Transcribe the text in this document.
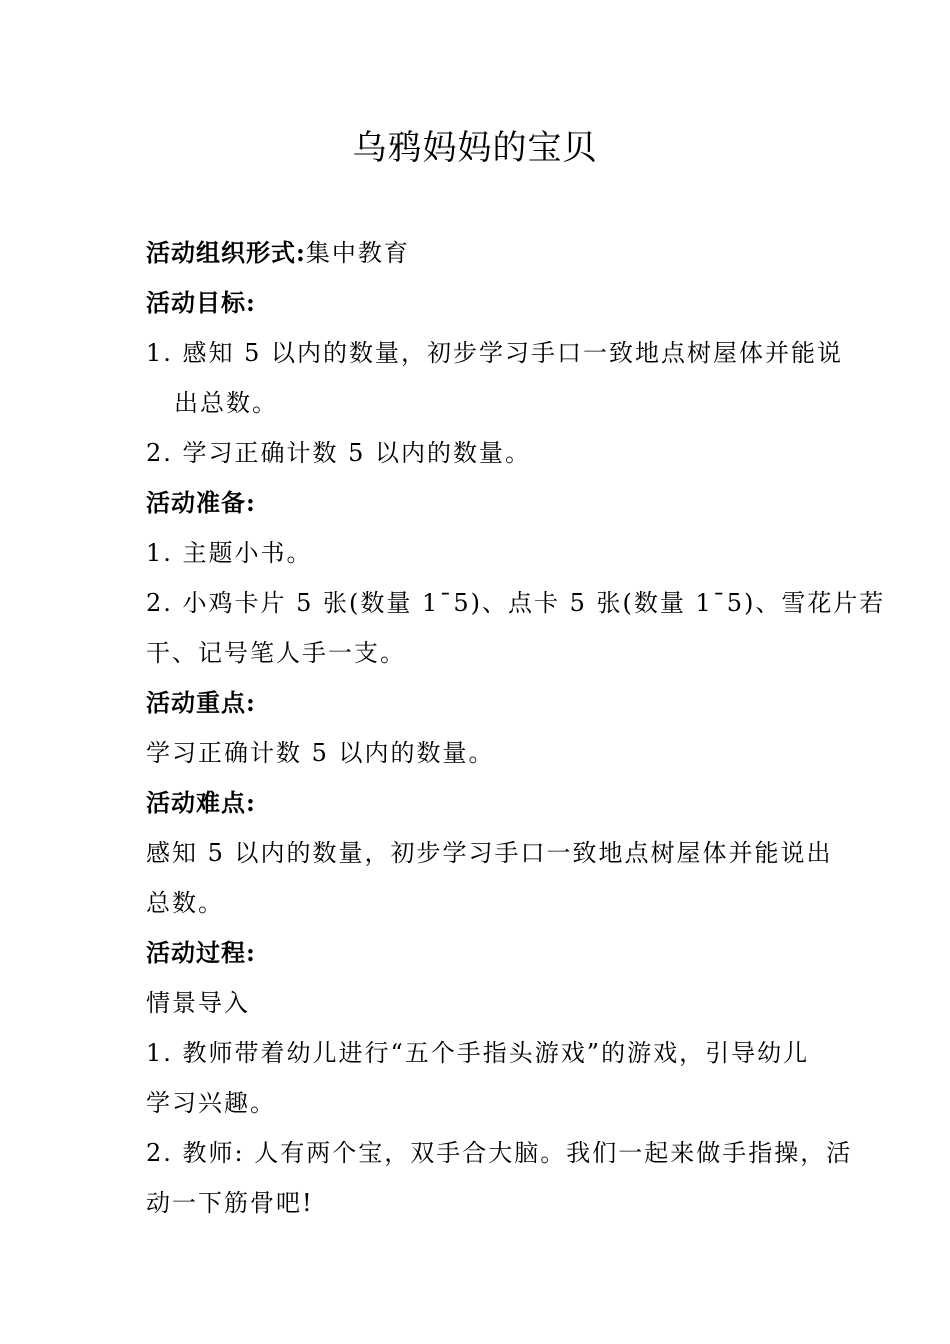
乌鸦妈妈的宝贝

活动组织形式:集中教育

活动目标:

1. 感知 5 以内的数量，初步学习手口一致地点树屋体并能说

出总数。

2. 学习正确计数 5 以内的数量。

活动准备:

1. 主题小书。

2. 小鸡卡片 5 张(数量 1¯5)、点卡 5 张(数量 1¯5)、雪花片若

干、记号笔人手一支。

活动重点:

学习正确计数 5 以内的数量。

活动难点:

感知 5 以内的数量，初步学习手口一致地点树屋体并能说出

总数。

活动过程:

情景导入

1. 教师带着幼儿进行“五个手指头游戏”的游戏，引导幼儿

学习兴趣。

2. 教师: 人有两个宝，双手合大脑。我们一起来做手指操，活

动一下筋骨吧!
